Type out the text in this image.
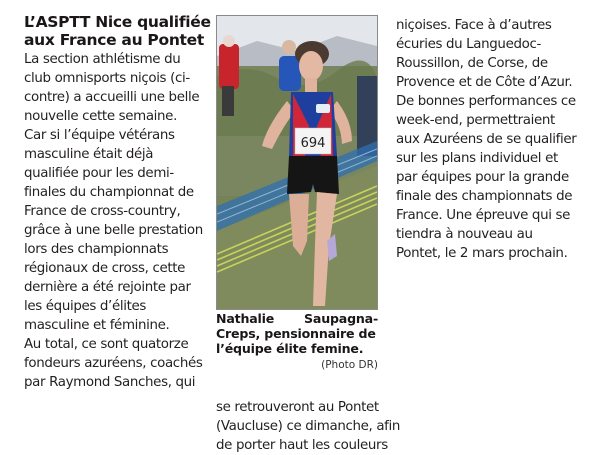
L’ASPTT Nice qualifiée

aux France au Pontet

La section athlétisme du

club omnisports niçois (ci-

contre) a accueilli une belle

nouvelle cette semaine.

Car si l’équipe vétérans

masculine était déjà

qualifiée pour les demi-

finales du championnat de

France de cross-country,

grâce à une belle prestation

lors des championnats

régionaux de cross, cette

dernière a été rejointe par

les équipes d’élites

masculine et féminine.

Au total, ce sont quatorze

fondeurs azuréens, coachés

par Raymond Sanches, qui

694
Nathalie Saupagna-
Creps, pensionnaire de
l’équipe élite femine.
(Photo DR)

se retrouveront au Pontet

(Vaucluse) ce dimanche, afin

de porter haut les couleurs

niçoises. Face à d’autres

écuries du Languedoc-

Roussillon, de Corse, de

Provence et de Côte d’Azur.

De bonnes performances ce

week-end, permettraient

aux Azuréens de se qualifier

sur les plans individuel et

par équipes pour la grande

finale des championnats de

France. Une épreuve qui se

tiendra à nouveau au

Pontet, le 2 mars prochain.
